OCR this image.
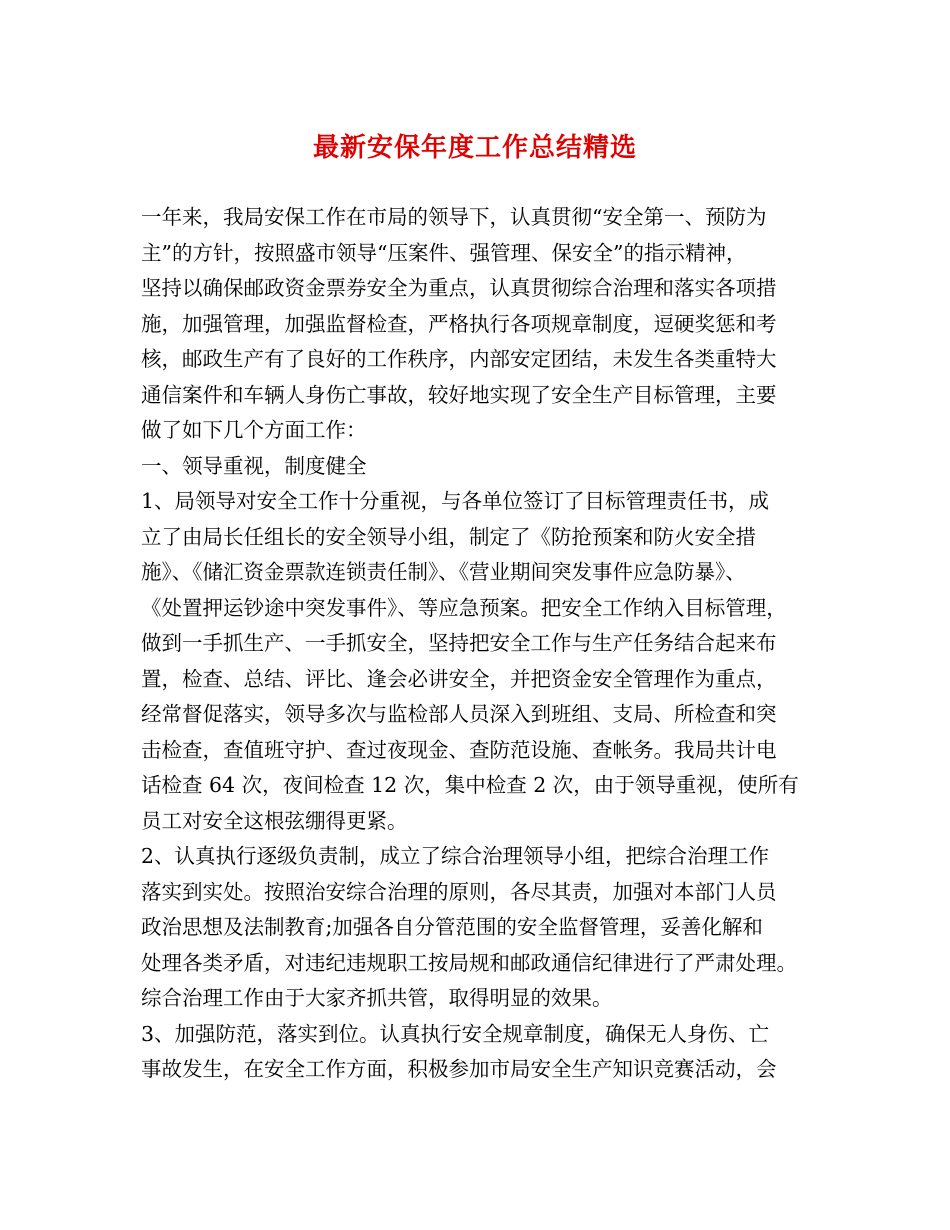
最新安保年度工作总结精选
一年来，我局安保工作在市局的领导下，认真贯彻“安全第一、预防为
主”的方针，按照盛市领导“压案件、强管理、保安全”的指示精神，
坚持以确保邮政资金票券安全为重点，认真贯彻综合治理和落实各项措
施，加强管理，加强监督检查，严格执行各项规章制度，逗硬奖惩和考
核，邮政生产有了良好的工作秩序，内部安定团结，未发生各类重特大
通信案件和车辆人身伤亡事故，较好地实现了安全生产目标管理，主要
做了如下几个方面工作：
一、领导重视，制度健全
1、局领导对安全工作十分重视，与各单位签订了目标管理责任书，成
立了由局长任组长的安全领导小组，制定了《防抢预案和防火安全措
施》、《储汇资金票款连锁责任制》、《营业期间突发事件应急防暴》、
《处置押运钞途中突发事件》、等应急预案。把安全工作纳入目标管理，
做到一手抓生产、一手抓安全，坚持把安全工作与生产任务结合起来布
置，检查、总结、评比、逢会必讲安全，并把资金安全管理作为重点，
经常督促落实，领导多次与监检部人员深入到班组、支局、所检查和突
击检查，查值班守护、查过夜现金、查防范设施、查帐务。我局共计电
话检查 64 次，夜间检查 12 次，集中检查 2 次，由于领导重视，使所有
员工对安全这根弦绷得更紧。
2、认真执行逐级负责制，成立了综合治理领导小组，把综合治理工作
落实到实处。按照治安综合治理的原则，各尽其责，加强对本部门人员
政治思想及法制教育;加强各自分管范围的安全监督管理，妥善化解和
处理各类矛盾，对违纪违规职工按局规和邮政通信纪律进行了严肃处理。
综合治理工作由于大家齐抓共管，取得明显的效果。
3、加强防范，落实到位。认真执行安全规章制度，确保无人身伤、亡
事故发生，在安全工作方面，积极参加市局安全生产知识竞赛活动，会
